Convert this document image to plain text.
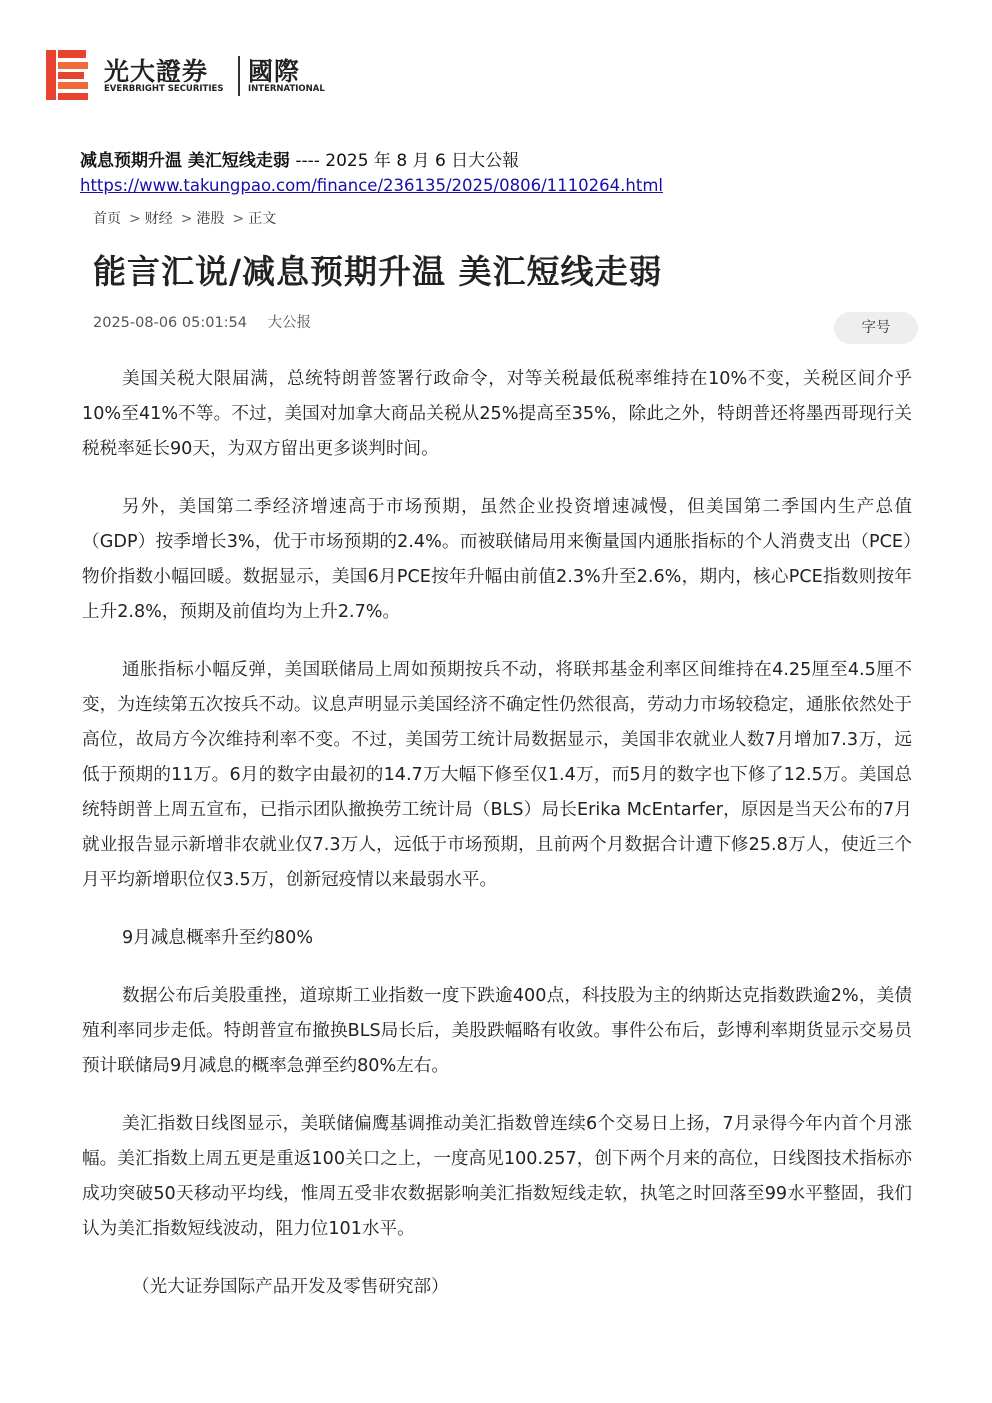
光大證券 國際
EVERBRIGHT SECURITIES	INTERNATIONAL
减息预期升温 美汇短线走弱 ---- 2025 年 8 月 6 日大公報
https://www.takungpao.com/finance/236135/2025/0806/1110264.html
首页 > 财经 > 港股 > 正文
能言汇说/减息预期升温 美汇短线走弱
2025-08-06 05:01:54 大公报	字号

美国关税大限届满，总统特朗普签署行政命令，对等关税最低税率维持在10%不变，关税区间介乎10%至41%不等。不过，美国对加拿大商品关税从25%提高至35%，除此之外，特朗普还将墨西哥现行关税税率延长90天，为双方留出更多谈判时间。

另外，美国第二季经济增速高于市场预期，虽然企业投资增速减慢，但美国第二季国内生产总值（GDP）按季增长3%，优于市场预期的2.4%。而被联储局用来衡量国内通胀指标的个人消费支出（PCE）物价指数小幅回暖。数据显示，美国6月PCE按年升幅由前值2.3%升至2.6%，期内，核心PCE指数则按年上升2.8%，预期及前值均为上升2.7%。

通胀指标小幅反弹，美国联储局上周如预期按兵不动，将联邦基金利率区间维持在4.25厘至4.5厘不变，为连续第五次按兵不动。议息声明显示美国经济不确定性仍然很高，劳动力市场较稳定，通胀依然处于高位，故局方今次维持利率不变。不过，美国劳工统计局数据显示，美国非农就业人数7月增加7.3万，远低于预期的11万。6月的数字由最初的14.7万大幅下修至仅1.4万，而5月的数字也下修了12.5万。美国总统特朗普上周五宣布，已指示团队撤换劳工统计局（BLS）局长Erika McEntarfer，原因是当天公布的7月就业报告显示新增非农就业仅7.3万人，远低于市场预期，且前两个月数据合计遭下修25.8万人，使近三个月平均新增职位仅3.5万，创新冠疫情以来最弱水平。

9月减息概率升至约80%

数据公布后美股重挫，道琼斯工业指数一度下跌逾400点，科技股为主的纳斯达克指数跌逾2%，美债殖利率同步走低。特朗普宣布撤换BLS局长后，美股跌幅略有收敛。事件公布后，彭博利率期货显示交易员预计联储局9月减息的概率急弹至约80%左右。

美汇指数日线图显示，美联储偏鹰基调推动美汇指数曾连续6个交易日上扬，7月录得今年内首个月涨幅。美汇指数上周五更是重返100关口之上，一度高见100.257，创下两个月来的高位，日线图技术指标亦成功突破50天移动平均线，惟周五受非农数据影响美汇指数短线走软，执笔之时回落至99水平整固，我们认为美汇指数短线波动，阻力位101水平。

（光大证券国际产品开发及零售研究部）
